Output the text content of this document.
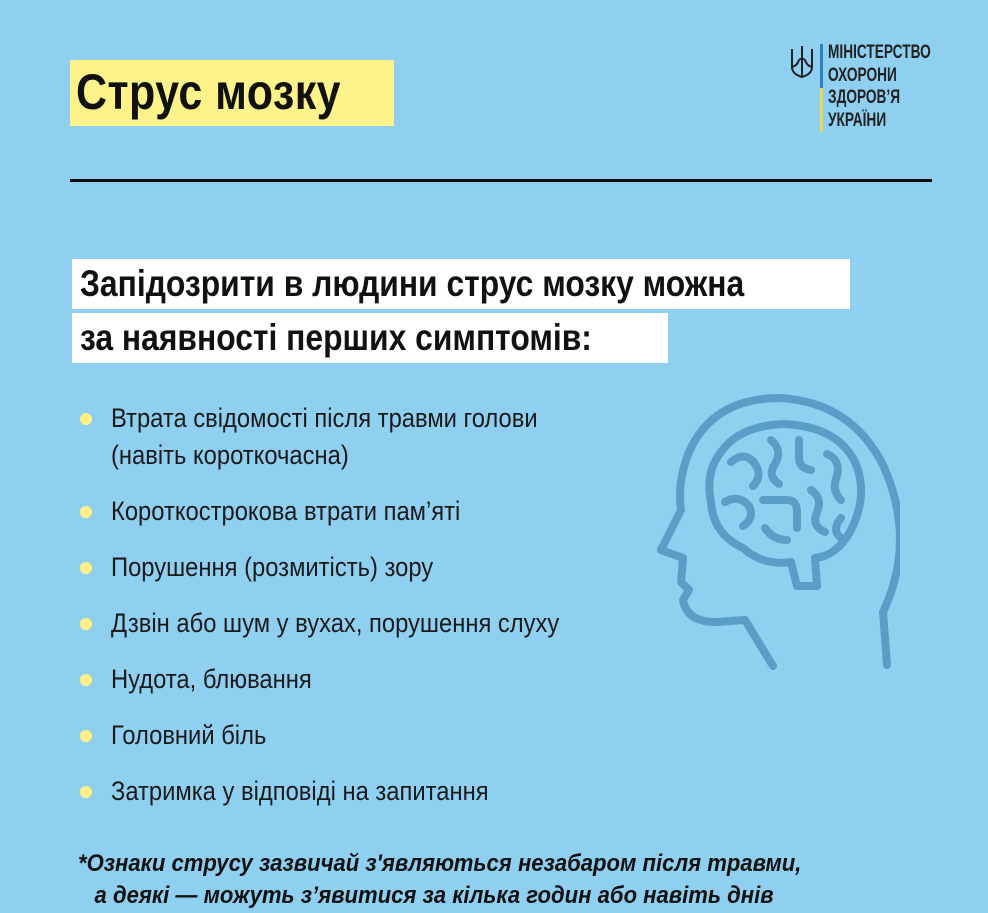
Струс мозку
МІНІСТЕРСТВО
ОХОРОНИ
ЗДОРОВ’Я
УКРАЇНИ
Запідозрити в людини струс мозку можна
за наявності перших симптомів:
Втрата свідомості після травми голови
(навіть короткочасна)
Короткострокова втрати пам’яті
Порушення (розмитість) зору
Дзвін або шум у вухах, порушення слуху
Нудота, блювання
Головний біль
Затримка у відповіді на запитання
*Ознаки струсу зазвичай з'являються незабаром після травми,
а деякі — можуть з’явитися за кілька годин або навіть днів
